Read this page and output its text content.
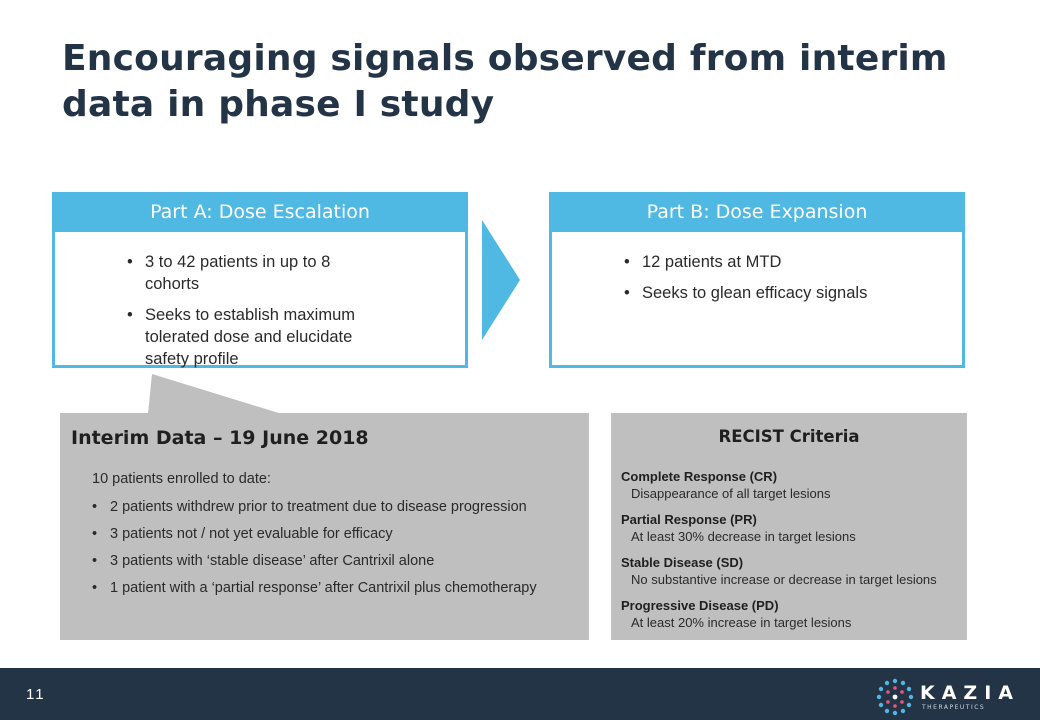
Encouraging signals observed from interim data in phase I study
Part A: Dose Escalation
• 3 to 42 patients in up to 8 cohorts
• Seeks to establish maximum tolerated dose and elucidate safety profile
Part B: Dose Expansion
• 12 patients at MTD
• Seeks to glean efficacy signals
Interim Data – 19 June 2018
10 patients enrolled to date:
• 2 patients withdrew prior to treatment due to disease progression
• 3 patients not / not yet evaluable for efficacy
• 3 patients with ‘stable disease’ after Cantrixil alone
• 1 patient with a ‘partial response’ after Cantrixil plus chemotherapy
RECIST Criteria
Complete Response (CR)
Disappearance of all target lesions
Partial Response (PR)
At least 30% decrease in target lesions
Stable Disease (SD)
No substantive increase or decrease in target lesions
Progressive Disease (PD)
At least 20% increase in target lesions
11	KAZIA
THERAPEUTICS
